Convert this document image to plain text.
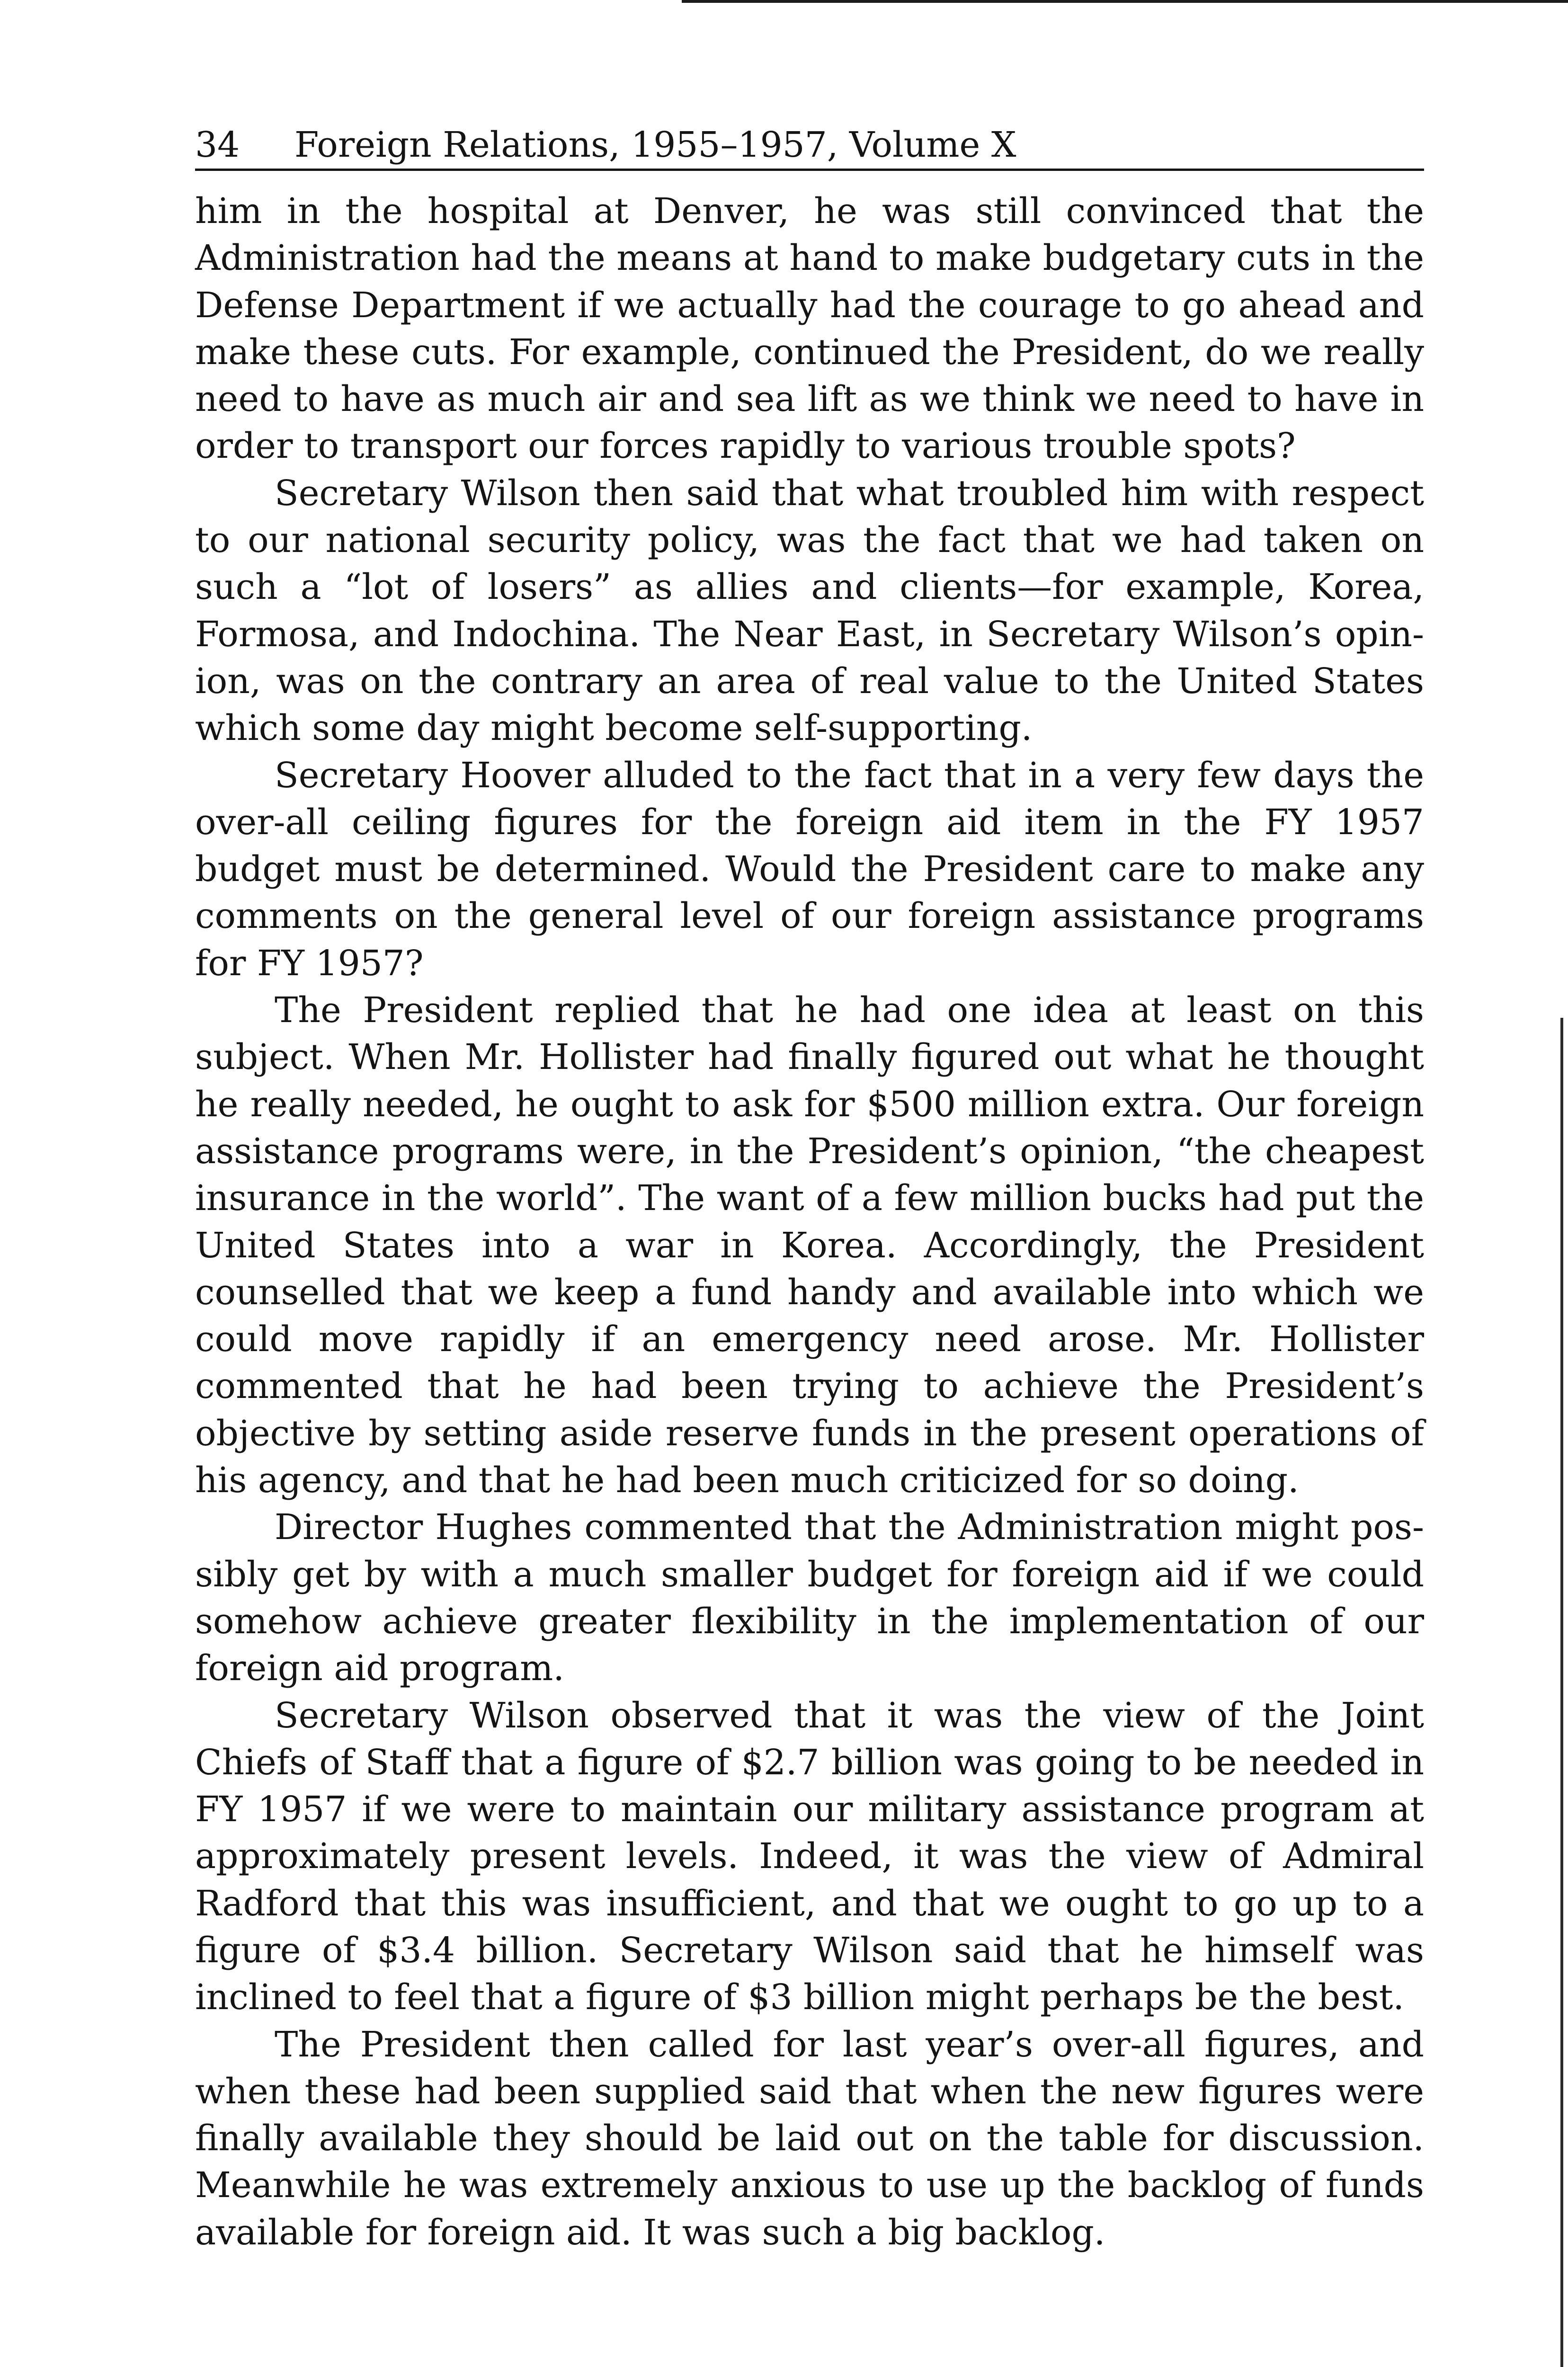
34 Foreign Relations, 1955–1957, Volume X

him in the hospital at Denver, he was still convinced that the Administration had the means at hand to make budgetary cuts in the Defense Department if we actually had the courage to go ahead and make these cuts. For example, continued the President, do we really need to have as much air and sea lift as we think we need to have in order to transport our forces rapidly to various trouble spots?

Secretary Wilson then said that what troubled him with respect to our national security policy, was the fact that we had taken on such a “lot of losers” as allies and clients—for example, Korea, Formosa, and Indochina. The Near East, in Secretary Wilson’s opin-ion, was on the contrary an area of real value to the United States which some day might become self-supporting.

Secretary Hoover alluded to the fact that in a very few days the over-all ceiling figures for the foreign aid item in the FY 1957 budget must be determined. Would the President care to make any comments on the general level of our foreign assistance programs for FY 1957?

The President replied that he had one idea at least on this subject. When Mr. Hollister had finally figured out what he thought he really needed, he ought to ask for $500 million extra. Our foreign assistance programs were, in the President’s opinion, “the cheapest insurance in the world”. The want of a few million bucks had put the United States into a war in Korea. Accordingly, the President counselled that we keep a fund handy and available into which we could move rapidly if an emergency need arose. Mr. Hollister commented that he had been trying to achieve the President’s objective by setting aside reserve funds in the present operations of his agency, and that he had been much criticized for so doing.

Director Hughes commented that the Administration might pos-sibly get by with a much smaller budget for foreign aid if we could somehow achieve greater flexibility in the implementation of our foreign aid program.

Secretary Wilson observed that it was the view of the Joint Chiefs of Staff that a figure of $2.7 billion was going to be needed in FY 1957 if we were to maintain our military assistance program at approximately present levels. Indeed, it was the view of Admiral Radford that this was insufficient, and that we ought to go up to a figure of $3.4 billion. Secretary Wilson said that he himself was inclined to feel that a figure of $3 billion might perhaps be the best.

The President then called for last year’s over-all figures, and when these had been supplied said that when the new figures were finally available they should be laid out on the table for discussion. Meanwhile he was extremely anxious to use up the backlog of funds available for foreign aid. It was such a big backlog.
